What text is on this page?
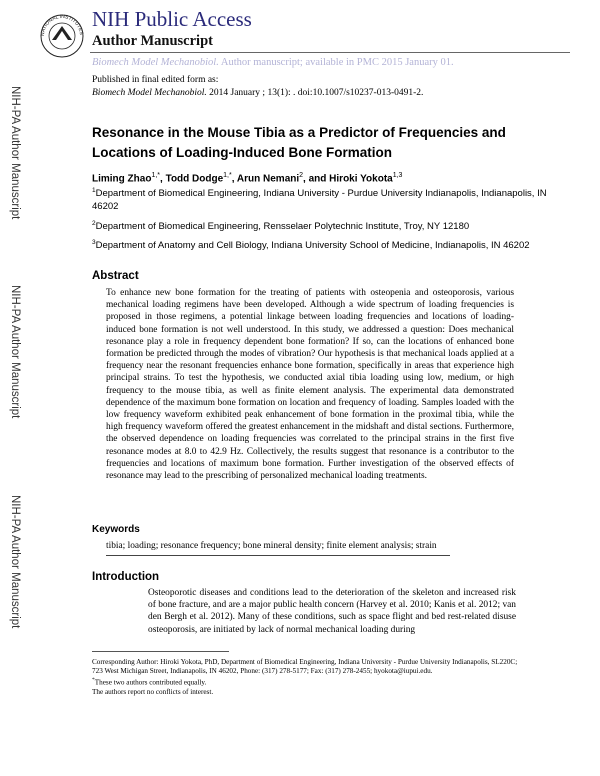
NATIONAL INSTITUTES
NIH Public Access
Author Manuscript
Biomech Model Mechanobiol. Author manuscript; available in PMC 2015 January 01.
Published in final edited form as:
Biomech Model Mechanobiol. 2014 January ; 13(1): . doi:10.1007/s10237-013-0491-2.
NIH-PA Author Manuscript
NIH-PA Author Manuscript
NIH-PA Author Manuscript
Resonance in the Mouse Tibia as a Predictor of Frequencies and Locations of Loading-Induced Bone Formation
Liming Zhao$^{1,*}$, Todd Dodge$^{1,*}$, Arun Nemani$^2$, and Hiroki Yokota$^{1,3}$
$^1$Department of Biomedical Engineering, Indiana University - Purdue University Indianapolis, Indianapolis, IN 46202
$^2$Department of Biomedical Engineering, Rensselaer Polytechnic Institute, Troy, NY 12180
$^3$Department of Anatomy and Cell Biology, Indiana University School of Medicine, Indianapolis, IN 46202
Abstract
To enhance new bone formation for the treating of patients with osteopenia and osteoporosis, various mechanical loading regimens have been developed. Although a wide spectrum of loading frequencies is proposed in those regimens, a potential linkage between loading frequencies and locations of loading-induced bone formation is not well understood. In this study, we addressed a question: Does mechanical resonance play a role in frequency dependent bone formation? If so, can the locations of enhanced bone formation be predicted through the modes of vibration? Our hypothesis is that mechanical loads applied at a frequency near the resonant frequencies enhance bone formation, specifically in areas that experience high principal strains. To test the hypothesis, we conducted axial tibia loading using low, medium, or high frequency to the mouse tibia, as well as finite element analysis. The experimental data demonstrated dependence of the maximum bone formation on location and frequency of loading. Samples loaded with the low frequency waveform exhibited peak enhancement of bone formation in the proximal tibia, while the high frequency waveform offered the greatest enhancement in the midshaft and distal sections. Furthermore, the observed dependence on loading frequencies was correlated to the principal strains in the first five resonance modes at 8.0 to 42.9 Hz. Collectively, the results suggest that resonance is a contributor to the frequencies and locations of maximum bone formation. Further investigation of the observed effects of resonance may lead to the prescribing of personalized mechanical loading treatments.
Keywords
tibia; loading; resonance frequency; bone mineral density; finite element analysis; strain
Introduction
Osteoporotic diseases and conditions lead to the deterioration of the skeleton and increased risk of bone fracture, and are a major public health concern (Harvey et al. 2010; Kanis et al. 2012; van den Bergh et al. 2012). Many of these conditions, such as space flight and bed rest-related disuse osteoporosis, are initiated by lack of normal mechanical loading during

Corresponding Author: Hiroki Yokota, PhD, Department of Biomedical Engineering, Indiana University - Purdue University Indianapolis, SL220C; 723 West Michigan Street, Indianapolis, IN 46202, Phone: (317) 278-5177; Fax: (317) 278-2455; hyokota@iupui.edu.

*These two authors contributed equally.

The authors report no conflicts of interest.
